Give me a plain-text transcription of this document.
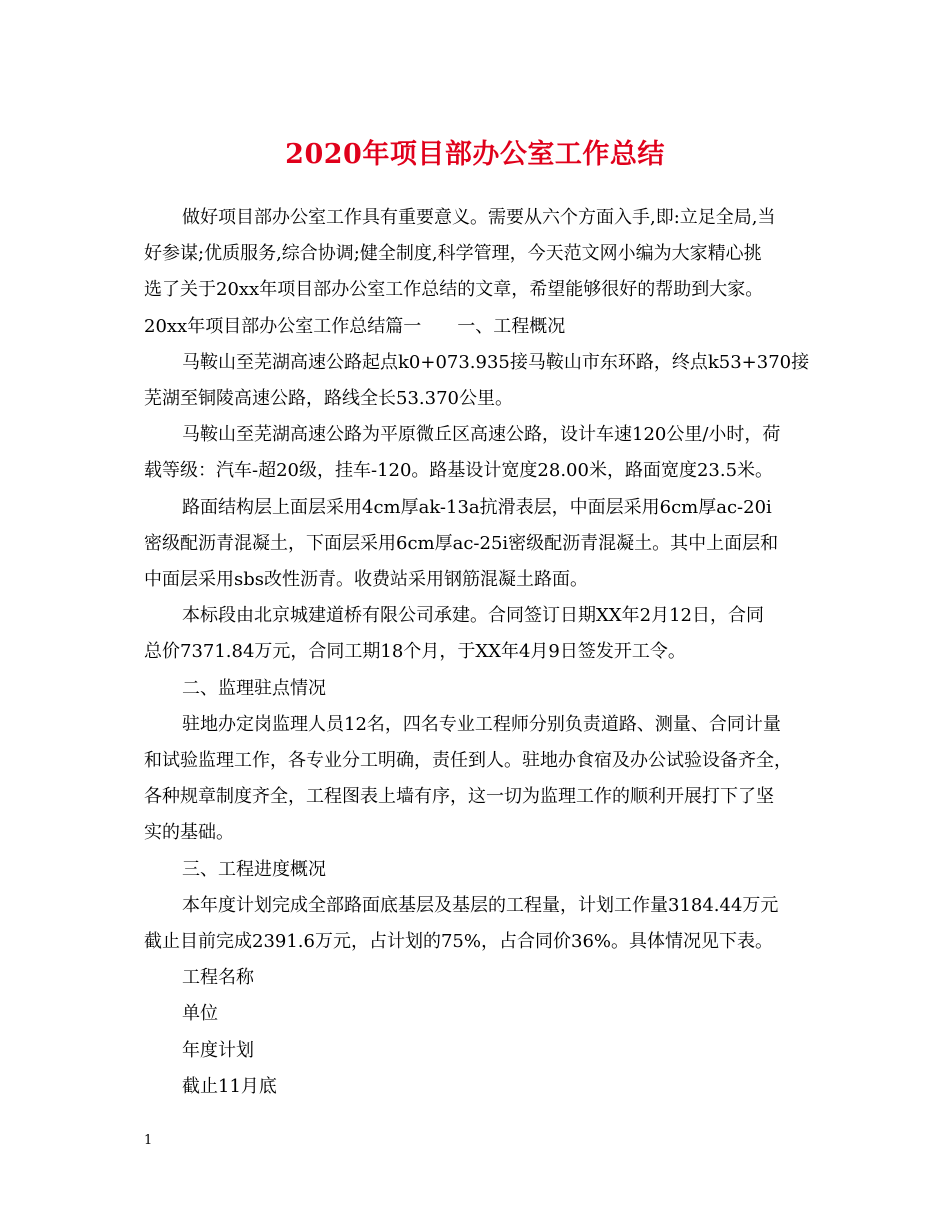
2020年项目部办公室工作总结

做好项目部办公室工作具有重要意义。需要从六个方面入手,即:立足全局,当
好参谋;优质服务,综合协调;健全制度,科学管理，今天范文网小编为大家精心挑
选了关于20xx年项目部办公室工作总结的文章，希望能够很好的帮助到大家。
20xx年项目部办公室工作总结篇一　　一、工程概况

马鞍山至芜湖高速公路起点k0+073.935接马鞍山市东环路，终点k53+370接
芜湖至铜陵高速公路，路线全长53.370公里。

马鞍山至芜湖高速公路为平原微丘区高速公路，设计车速120公里/小时，荷
载等级：汽车-超20级，挂车-120。路基设计宽度28.00米，路面宽度23.5米。

路面结构层上面层采用4cm厚ak-13a抗滑表层，中面层采用6cm厚ac-20i
密级配沥青混凝土，下面层采用6cm厚ac-25i密级配沥青混凝土。其中上面层和
中面层采用sbs改性沥青。收费站采用钢筋混凝土路面。

本标段由北京城建道桥有限公司承建。合同签订日期XX年2月12日，合同
总价7371.84万元，合同工期18个月，于XX年4月9日签发开工令。

二、监理驻点情况

驻地办定岗监理人员12名，四名专业工程师分别负责道路、测量、合同计量
和试验监理工作，各专业分工明确，责任到人。驻地办食宿及办公试验设备齐全，
各种规章制度齐全，工程图表上墙有序，这一切为监理工作的顺利开展打下了坚
实的基础。

三、工程进度概况

本年度计划完成全部路面底基层及基层的工程量，计划工作量3184.44万元
截止目前完成2391.6万元，占计划的75%，占合同价36%。具体情况见下表。

工程名称

单位

年度计划

截止11月底

1
